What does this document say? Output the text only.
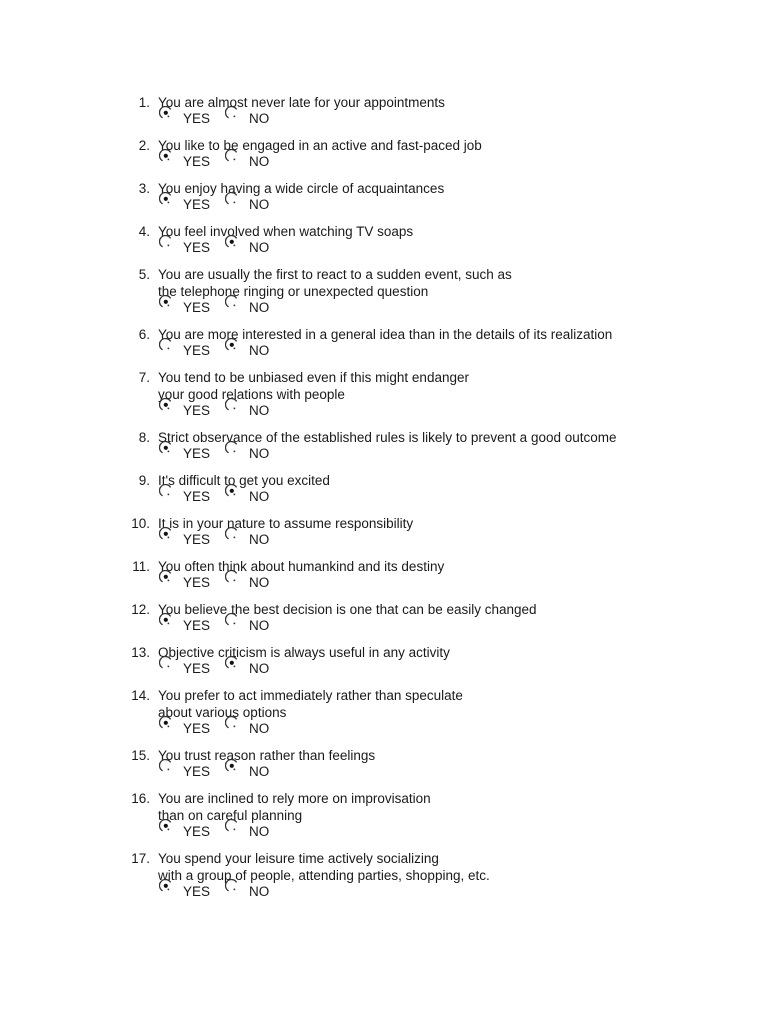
1. You are almost never late for your appointments
YES	NO
2. You like to be engaged in an active and fast-paced job
YES	NO
3. You enjoy having a wide circle of acquaintances
YES	NO
4. You feel involved when watching TV soaps
YES	NO
5. You are usually the first to react to a sudden event, such as
the telephone ringing or unexpected question
YES	NO
6. You are more interested in a general idea than in the details of its realization
YES	NO
7. You tend to be unbiased even if this might endanger
your good relations with people
YES	NO
8. Strict observance of the established rules is likely to prevent a good outcome
YES	NO
9. It's difficult to get you excited
YES	NO
10. It is in your nature to assume responsibility
YES	NO
11. You often think about humankind and its destiny
YES	NO
12. You believe the best decision is one that can be easily changed
YES	NO
13. Objective criticism is always useful in any activity
YES	NO
14. You prefer to act immediately rather than speculate
about various options
YES	NO
15. You trust reason rather than feelings
YES	NO
16. You are inclined to rely more on improvisation
than on careful planning
YES	NO
17. You spend your leisure time actively socializing
with a group of people, attending parties, shopping, etc.
YES	NO
